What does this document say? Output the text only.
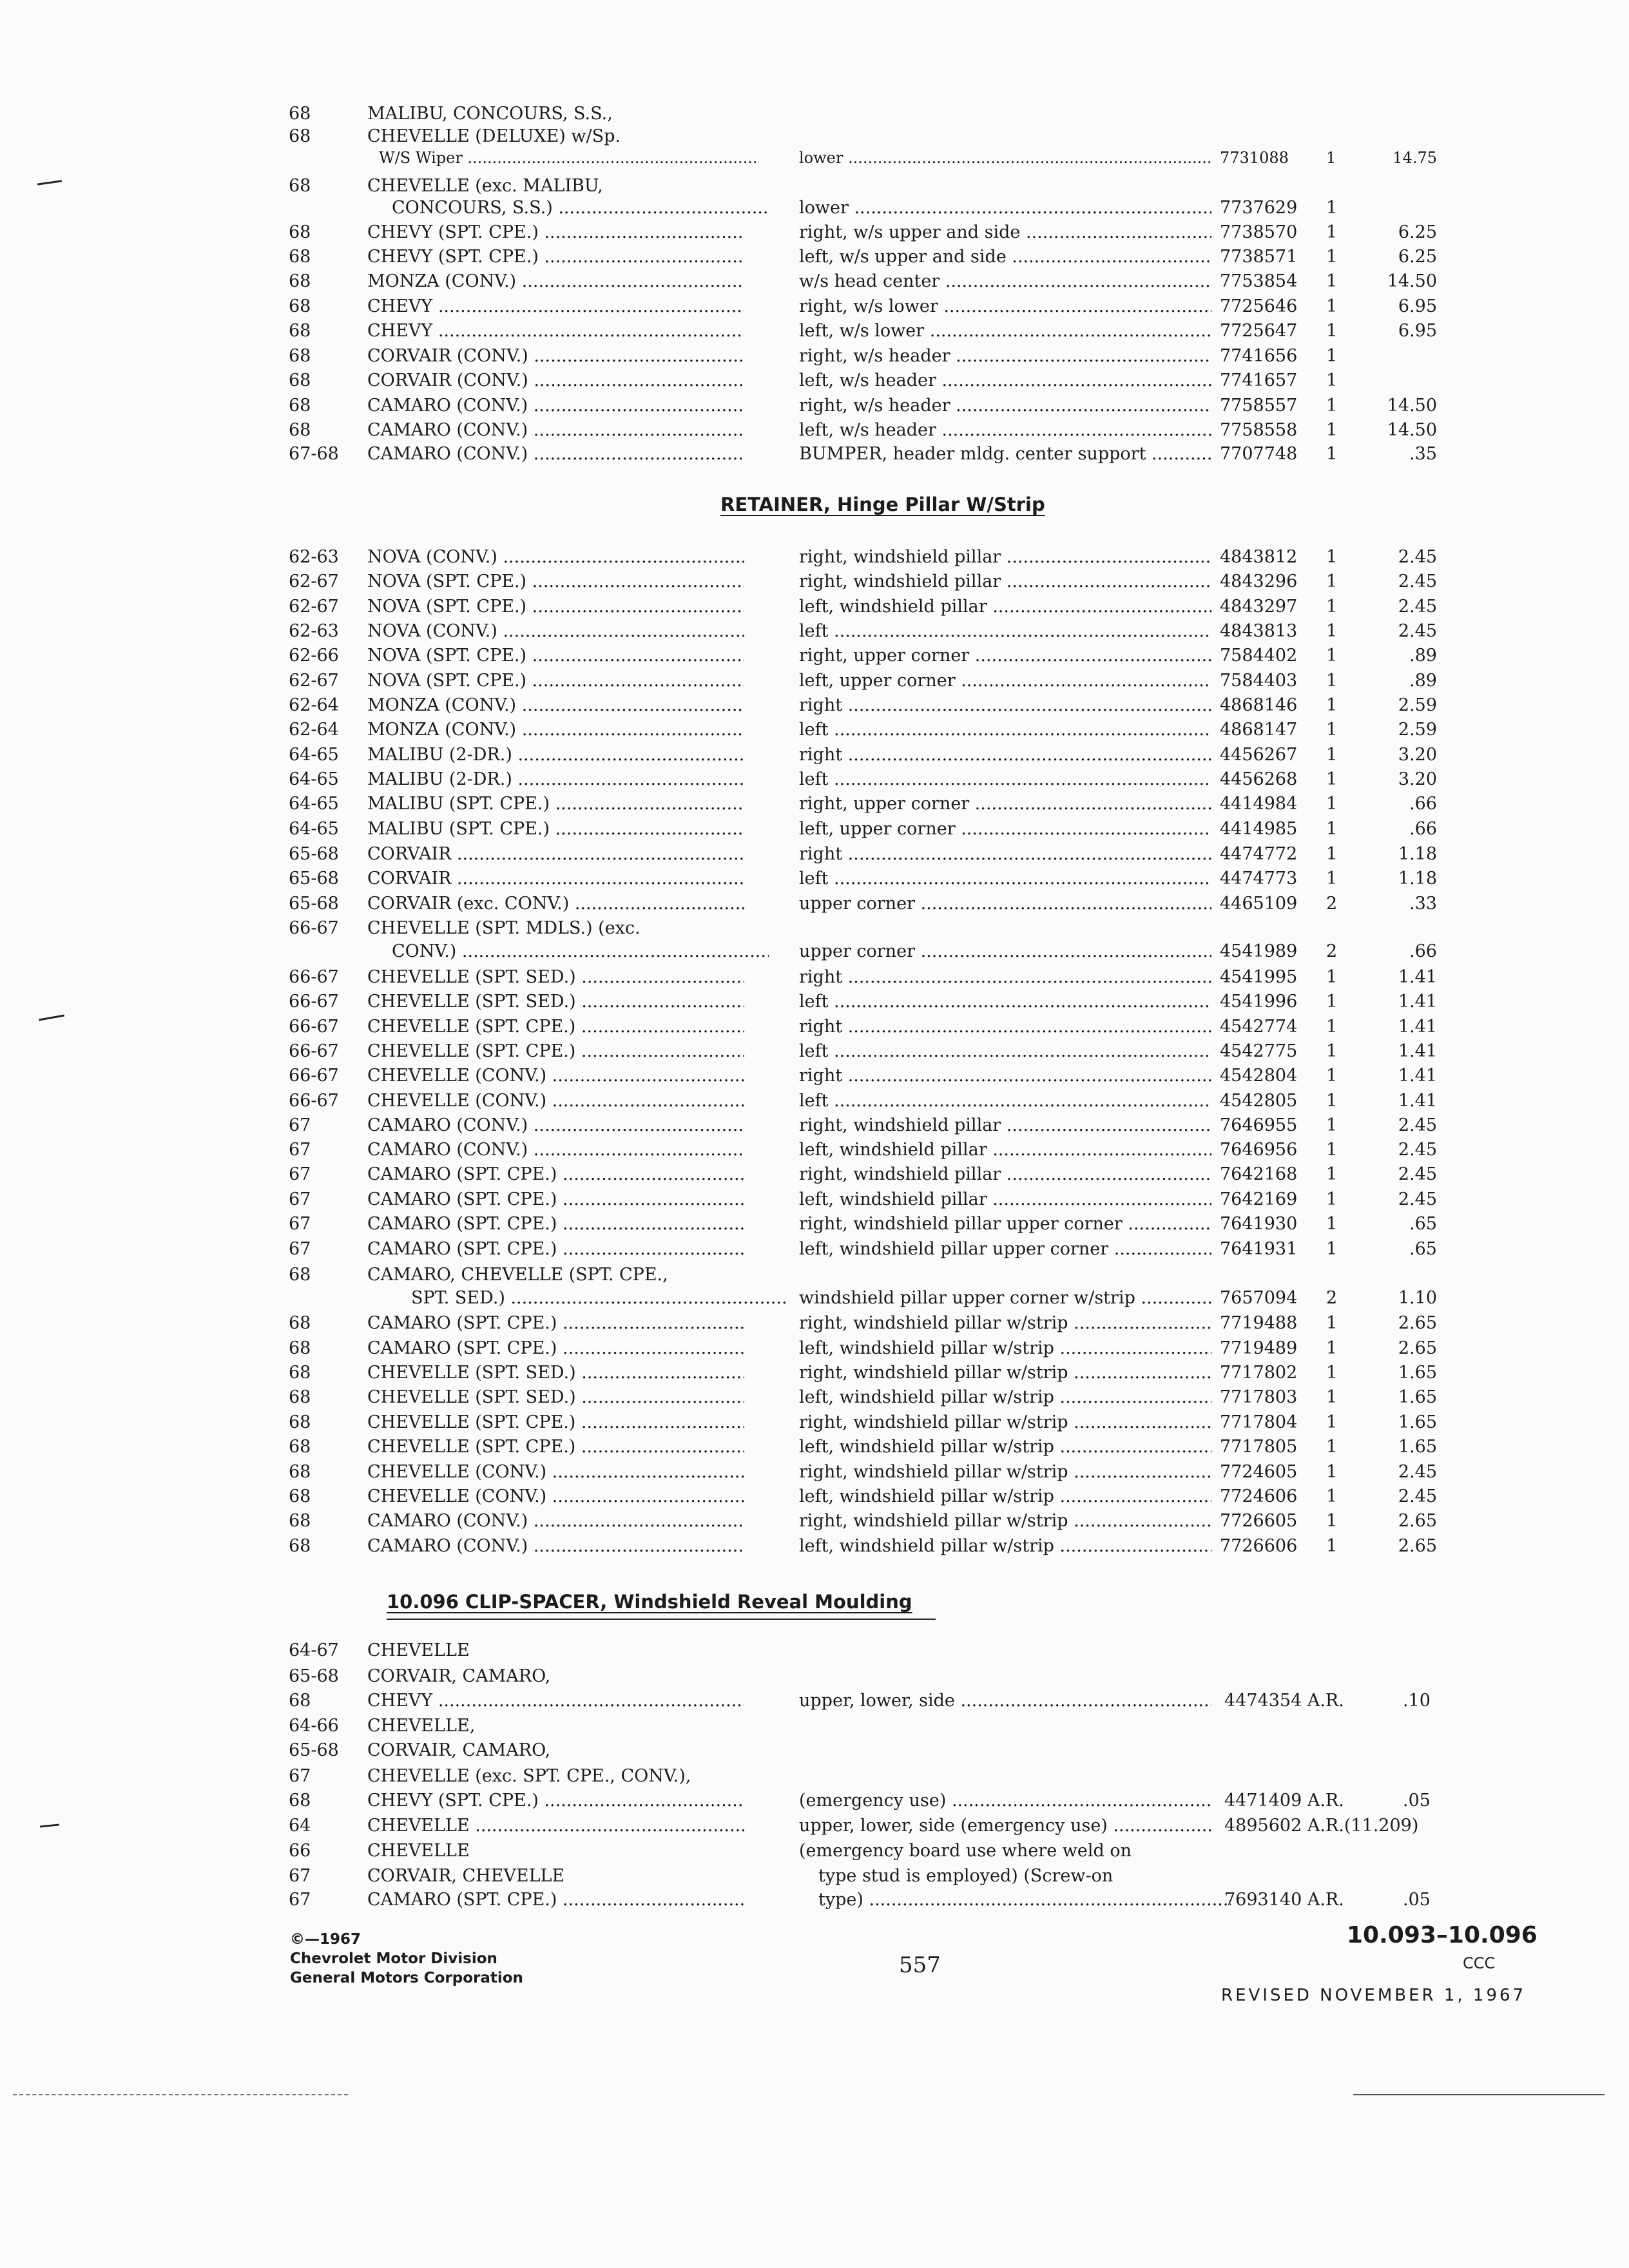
68	MALIBU, CONCOURS, S.S.,
68	CHEVELLE (DELUXE) w/Sp.
W/S Wiper .....	lower .....	7731088 1	14.75
68	CHEVELLE (exc. MALIBU,
CONCOURS, S.S.) .....	lower .....	7737629 1
68	CHEVY (SPT. CPE.) .....	right, w/s upper and side .....	7738570 1	6.25
68	CHEVY (SPT. CPE.) .....	left, w/s upper and side .....	7738571 1	6.25
68	MONZA (CONV.) .....	w/s head center .....	7753854 1	14.50
68	CHEVY .....	right, w/s lower .....	7725646 1	6.95
68	CHEVY .....	left, w/s lower .....	7725647 1	6.95
68	CORVAIR (CONV.) .....	right, w/s header .....	7741656 1
68	CORVAIR (CONV.) .....	left, w/s header .....	7741657 1
68	CAMARO (CONV.) .....	right, w/s header .....	7758557 1	14.50
68	CAMARO (CONV.) .....	left, w/s header .....	7758558 1	14.50
67-68 CAMARO (CONV.) .....	BUMPER, header mldg. center support .....	7707748 1	.35
62-63 NOVA (CONV.) .....	right, windshield pillar .....	4843812 1	2.45
62-67 NOVA (SPT. CPE.) .....	right, windshield pillar .....	4843296 1	2.45
62-67 NOVA (SPT. CPE.) .....	left, windshield pillar .....	4843297 1	2.45
62-63 NOVA (CONV.) .....	left .....	4843813 1	2.45
62-66 NOVA (SPT. CPE.) .....	right, upper corner .....	7584402 1	.89
62-67 NOVA (SPT. CPE.) .....	left, upper corner .....	7584403 1	.89
62-64 MONZA (CONV.) .....	right .....	4868146 1	2.59
62-64 MONZA (CONV.) .....	left .....	4868147 1	2.59
64-65 MALIBU (2-DR.) .....	right .....	4456267 1	3.20
64-65 MALIBU (2-DR.) .....	left .....	4456268 1	3.20
64-65 MALIBU (SPT. CPE.) .....	right, upper corner .....	4414984 1	.66
64-65 MALIBU (SPT. CPE.) .....	left, upper corner .....	4414985 1	.66
65-68 CORVAIR .....	right .....	4474772 1	1.18
65-68 CORVAIR .....	left .....	4474773 1	1.18
65-68 CORVAIR (exc. CONV.) .....	upper corner .....	4465109 2	.33
66-67 CHEVELLE (SPT. MDLS.) (exc.
CONV.) .....	upper corner .....	4541989 2	.66
66-67 CHEVELLE (SPT. SED.) .....	right .....	4541995 1	1.41
66-67 CHEVELLE (SPT. SED.) .....	left .....	4541996 1	1.41
66-67 CHEVELLE (SPT. CPE.) .....	right .....	4542774 1	1.41
66-67 CHEVELLE (SPT. CPE.) .....	left .....	4542775 1	1.41
66-67 CHEVELLE (CONV.) .....	right .....	4542804 1	1.41
66-67 CHEVELLE (CONV.) .....	left .....	4542805 1	1.41
67	CAMARO (CONV.) .....	right, windshield pillar .....	7646955 1	2.45
67	CAMARO (CONV.) .....	left, windshield pillar .....	7646956 1	2.45
67	CAMARO (SPT. CPE.) .....	right, windshield pillar .....	7642168 1	2.45
67	CAMARO (SPT. CPE.) .....	left, windshield pillar .....	7642169 1	2.45
67	CAMARO (SPT. CPE.) .....	right, windshield pillar upper corner .....	7641930 1	.65
67	CAMARO (SPT. CPE.) .....	left, windshield pillar upper corner .....	7641931 1	.65
68	CAMARO, CHEVELLE (SPT. CPE.,
SPT. SED.) .....	windshield pillar upper corner w/strip .....	7657094 2	1.10
68	CAMARO (SPT. CPE.) .....	right, windshield pillar w/strip .....	7719488 1	2.65
68	CAMARO (SPT. CPE.) .....	left, windshield pillar w/strip .....	7719489 1	2.65
68	CHEVELLE (SPT. SED.) .....	right, windshield pillar w/strip .....	7717802 1	1.65
68	CHEVELLE (SPT. SED.) .....	left, windshield pillar w/strip .....	7717803 1	1.65
68	CHEVELLE (SPT. CPE.) .....	right, windshield pillar w/strip .....	7717804 1	1.65
68	CHEVELLE (SPT. CPE.) .....	left, windshield pillar w/strip .....	7717805 1	1.65
68	CHEVELLE (CONV.) .....	right, windshield pillar w/strip .....	7724605 1	2.45
68	CHEVELLE (CONV.) .....	left, windshield pillar w/strip .....	7724606 1	2.45
68	CAMARO (CONV.) .....	right, windshield pillar w/strip .....	7726605 1	2.65
68	CAMARO (CONV.) .....	left, windshield pillar w/strip .....	7726606 1	2.65
64-67 CHEVELLE
65-68 CORVAIR, CAMARO,
68	CHEVY .....	upper, lower, side .....	4474354 A.R.	.10
64-66 CHEVELLE,
65-68 CORVAIR, CAMARO,
67	CHEVELLE (exc. SPT. CPE., CONV.),
68	CHEVY (SPT. CPE.) .....	(emergency use) .....	4471409 A.R.	.05
64	CHEVELLE .....	upper, lower, side (emergency use) .....	4895602 A.R.(11.209)
66	CHEVELLE	(emergency board use where weld on
67	CORVAIR, CHEVELLE	type stud is employed) (Screw-on
67	CAMARO (SPT. CPE.) .....	type) .....	7693140 A.R.	.05
RETAINER, Hinge Pillar W/Strip
10.096 CLIP-SPACER, Windshield Reveal Moulding
©—1967
Chevrolet Motor Division
General Motors Corporation	557
10.093–10.096
CCC
REVISED NOVEMBER 1, 1967
